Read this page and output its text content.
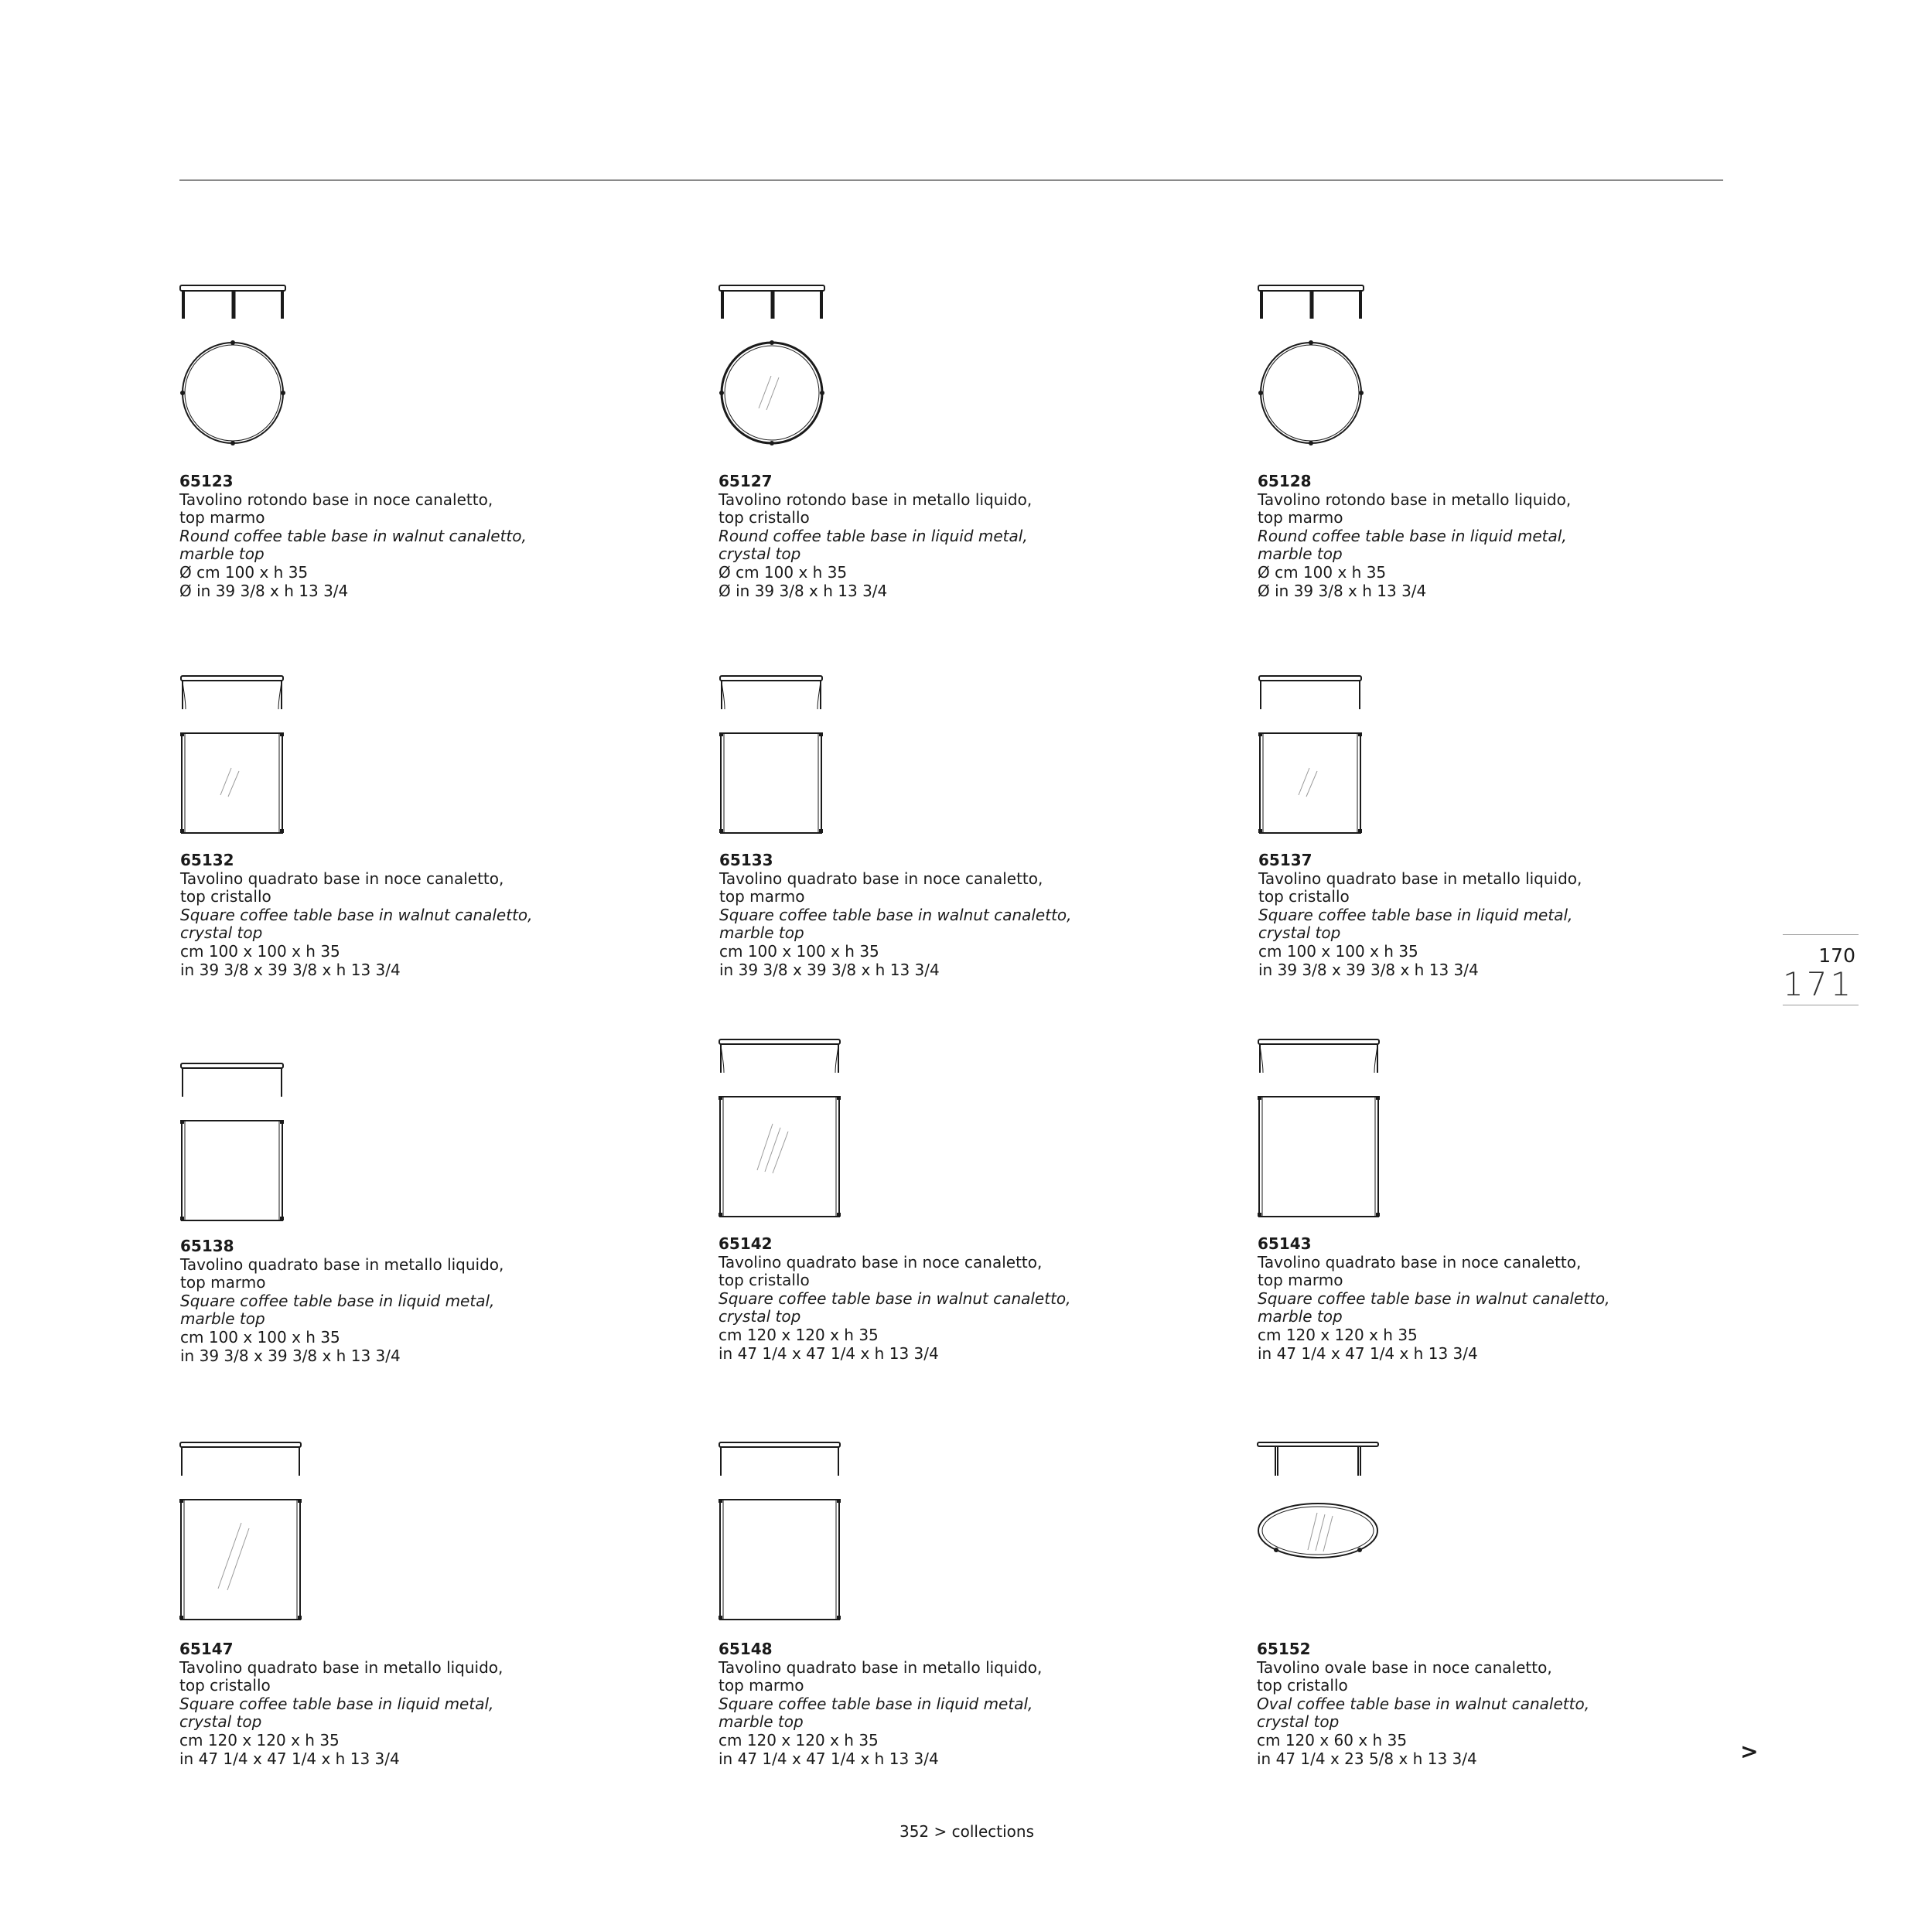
65123
Tavolino rotondo base in noce canaletto,
top marmo
Round coffee table base in walnut canaletto,
marble top
Ø cm 100 x h 35
Ø in 39 3/8 x h 13 3/4
65127
Tavolino rotondo base in metallo liquido,
top cristallo
Round coffee table base in liquid metal,
crystal top
Ø cm 100 x h 35
Ø in 39 3/8 x h 13 3/4
65128
Tavolino rotondo base in metallo liquido,
top marmo
Round coffee table base in liquid metal,
marble top
Ø cm 100 x h 35
Ø in 39 3/8 x h 13 3/4
65132
Tavolino quadrato base in noce canaletto,
top cristallo
Square coffee table base in walnut canaletto,
crystal top
cm 100 x 100 x h 35
in 39 3/8 x 39 3/8 x h 13 3/4
65133
Tavolino quadrato base in noce canaletto,
top marmo
Square coffee table base in walnut canaletto,
marble top
cm 100 x 100 x h 35
in 39 3/8 x 39 3/8 x h 13 3/4
65137
Tavolino quadrato base in metallo liquido,
top cristallo
Square coffee table base in liquid metal,
crystal top
cm 100 x 100 x h 35
in 39 3/8 x 39 3/8 x h 13 3/4
65138
Tavolino quadrato base in metallo liquido,
top marmo
Square coffee table base in liquid metal,
marble top
cm 100 x 100 x h 35
in 39 3/8 x 39 3/8 x h 13 3/4
65142
Tavolino quadrato base in noce canaletto,
top cristallo
Square coffee table base in walnut canaletto,
crystal top
cm 120 x 120 x h 35
in 47 1/4 x 47 1/4 x h 13 3/4
65143
Tavolino quadrato base in noce canaletto,
top marmo
Square coffee table base in walnut canaletto,
marble top
cm 120 x 120 x h 35
in 47 1/4 x 47 1/4 x h 13 3/4
65147
Tavolino quadrato base in metallo liquido,
top cristallo
Square coffee table base in liquid metal,
crystal top
cm 120 x 120 x h 35
in 47 1/4 x 47 1/4 x h 13 3/4
65148
Tavolino quadrato base in metallo liquido,
top marmo
Square coffee table base in liquid metal,
marble top
cm 120 x 120 x h 35
in 47 1/4 x 47 1/4 x h 13 3/4
65152
Tavolino ovale base in noce canaletto,
top cristallo
Oval coffee table base in walnut canaletto,
crystal top
cm 120 x 60 x h 35
in 47 1/4 x 23 5/8 x h 13 3/4
170
171
>
352 > collections
